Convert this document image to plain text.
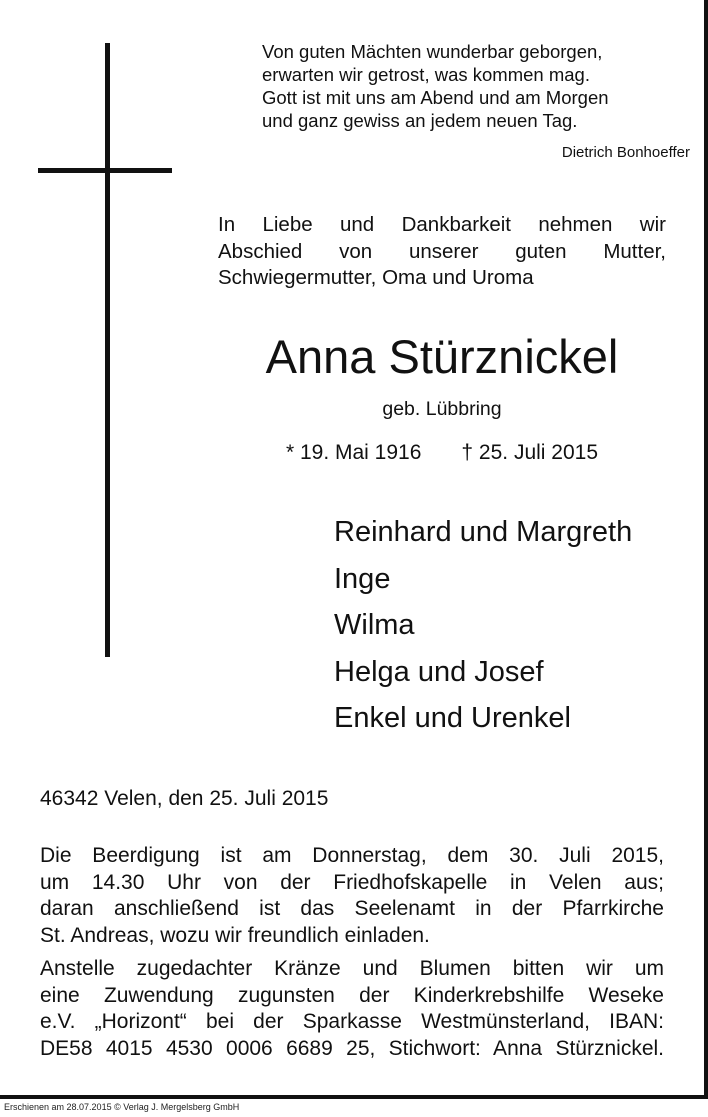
Von guten Mächten wunderbar geborgen,
erwarten wir getrost, was kommen mag.
Gott ist mit uns am Abend und am Morgen
und ganz gewiss an jedem neuen Tag.
Dietrich Bonhoeffer
In Liebe und Dankbarkeit nehmen wir
Abschied von unserer guten Mutter,
Schwiegermutter, Oma und Uroma
Anna Stürznickel
geb. Lübbring
* 19. Mai 1916 † 25. Juli 2015
Reinhard und Margreth
Inge
Wilma
Helga und Josef
Enkel und Urenkel
46342 Velen, den 25. Juli 2015
Die Beerdigung ist am Donnerstag, dem 30. Juli 2015,
um 14.30 Uhr von der Friedhofskapelle in Velen aus;
daran anschließend ist das Seelenamt in der Pfarrkirche
St. Andreas, wozu wir freundlich einladen.
Anstelle zugedachter Kränze und Blumen bitten wir um
eine Zuwendung zugunsten der Kinderkrebshilfe Weseke
e.V. „Horizont“ bei der Sparkasse Westmünsterland, IBAN:
DE58 4015 4530 0006 6689 25, Stichwort: Anna Stürznickel.
Erschienen am 28.07.2015 © Verlag J. Mergelsberg GmbH
